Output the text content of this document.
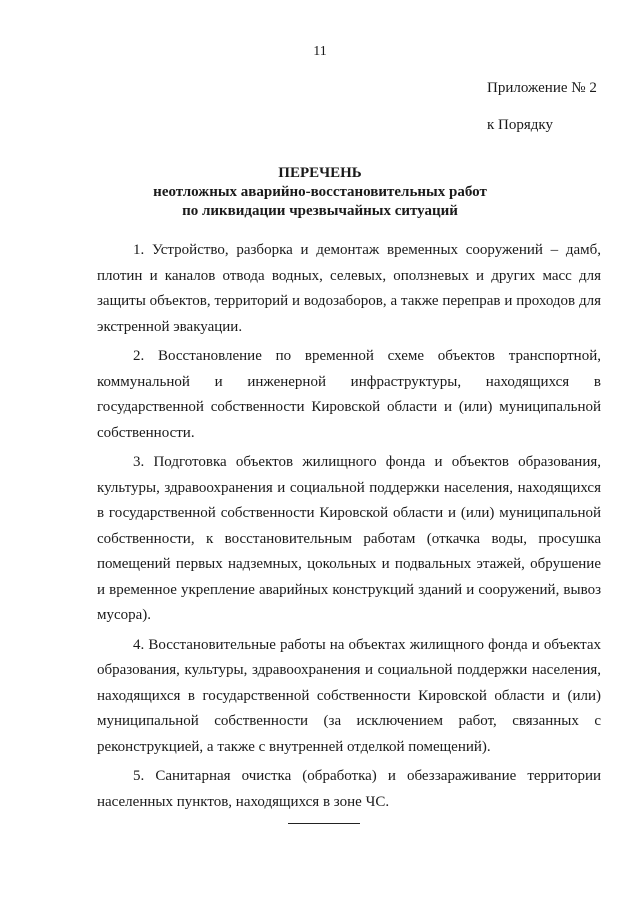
11
Приложение № 2
к Порядку
ПЕРЕЧЕНЬ
неотложных аварийно-восстановительных работ
по ликвидации чрезвычайных ситуаций

1. Устройство, разборка и демонтаж временных сооружений – дамб, плотин и каналов отвода водных, селевых, оползневых и других масс для защиты объектов, территорий и водозаборов, а также переправ и проходов для экстренной эвакуации.

2. Восстановление по временной схеме объектов транспортной, коммунальной и инженерной инфраструктуры, находящихся в государственной собственности Кировской области и (или) муниципальной собственности.

3. Подготовка объектов жилищного фонда и объектов образования, культуры, здравоохранения и социальной поддержки населения, находящихся в государственной собственности Кировской области и (или) муниципальной собственности, к восстановительным работам (откачка воды, просушка помещений первых надземных, цокольных и подвальных этажей, обрушение и временное укрепление аварийных конструкций зданий и сооружений, вывоз мусора).

4. Восстановительные работы на объектах жилищного фонда и объектах образования, культуры, здравоохранения и социальной поддержки населения, находящихся в государственной собственности Кировской области и (или) муниципальной собственности (за исключением работ, связанных с реконструкцией, а также с внутренней отделкой помещений).

5. Санитарная очистка (обработка) и обеззараживание территории населенных пунктов, находящихся в зоне ЧС.
